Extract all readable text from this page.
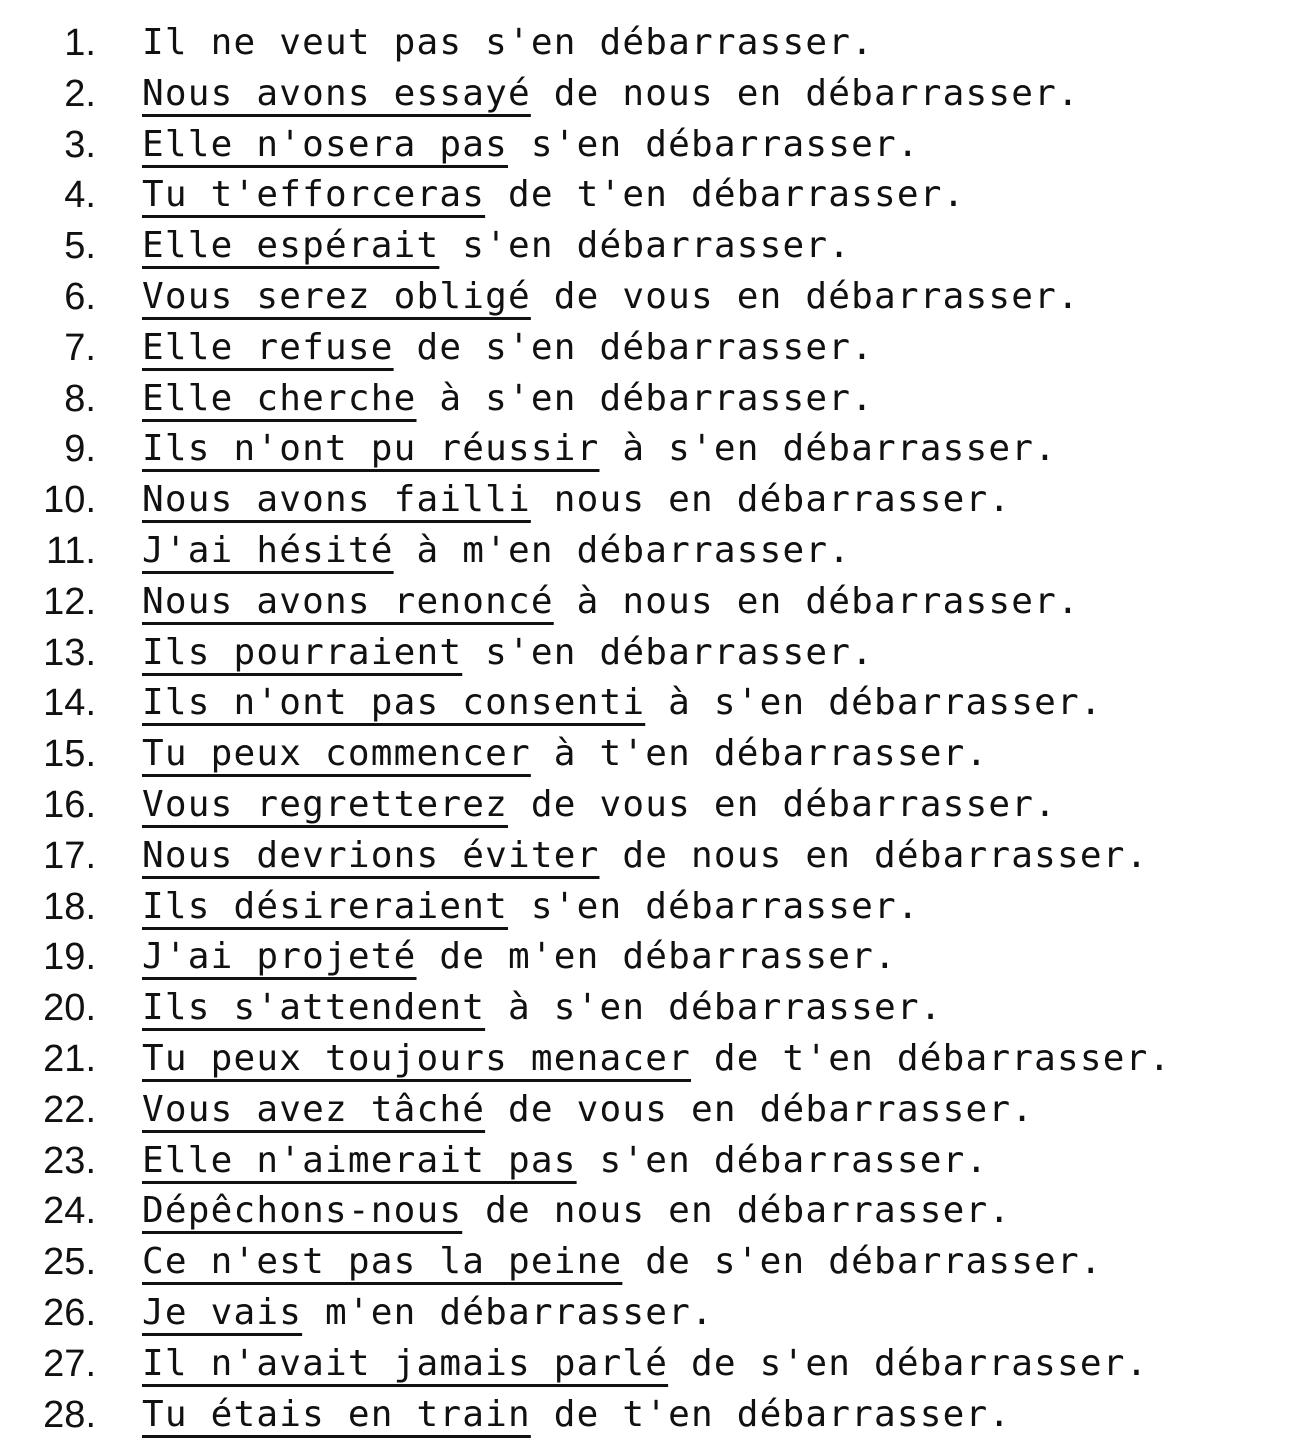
1. Il ne veut pas s'en débarrasser.
2. Nous avons essayé de nous en débarrasser.
3. Elle n'osera pas s'en débarrasser.
4. Tu t'efforceras de t'en débarrasser.
5. Elle espérait s'en débarrasser.
6. Vous serez obligé de vous en débarrasser.
7. Elle refuse de s'en débarrasser.
8. Elle cherche à s'en débarrasser.
9. Ils n'ont pu réussir à s'en débarrasser.
10. Nous avons failli nous en débarrasser.
11. J'ai hésité à m'en débarrasser.
12. Nous avons renoncé à nous en débarrasser.
13. Ils pourraient s'en débarrasser.
14. Ils n'ont pas consenti à s'en débarrasser.
15. Tu peux commencer à t'en débarrasser.
16. Vous regretterez de vous en débarrasser.
17. Nous devrions éviter de nous en débarrasser.
18. Ils désireraient s'en débarrasser.
19. J'ai projeté de m'en débarrasser.
20. Ils s'attendent à s'en débarrasser.
21. Tu peux toujours menacer de t'en débarrasser.
22. Vous avez tâché de vous en débarrasser.
23. Elle n'aimerait pas s'en débarrasser.
24. Dépêchons-nous de nous en débarrasser.
25. Ce n'est pas la peine de s'en débarrasser.
26. Je vais m'en débarrasser.
27. Il n'avait jamais parlé de s'en débarrasser.
28. Tu étais en train de t'en débarrasser.
